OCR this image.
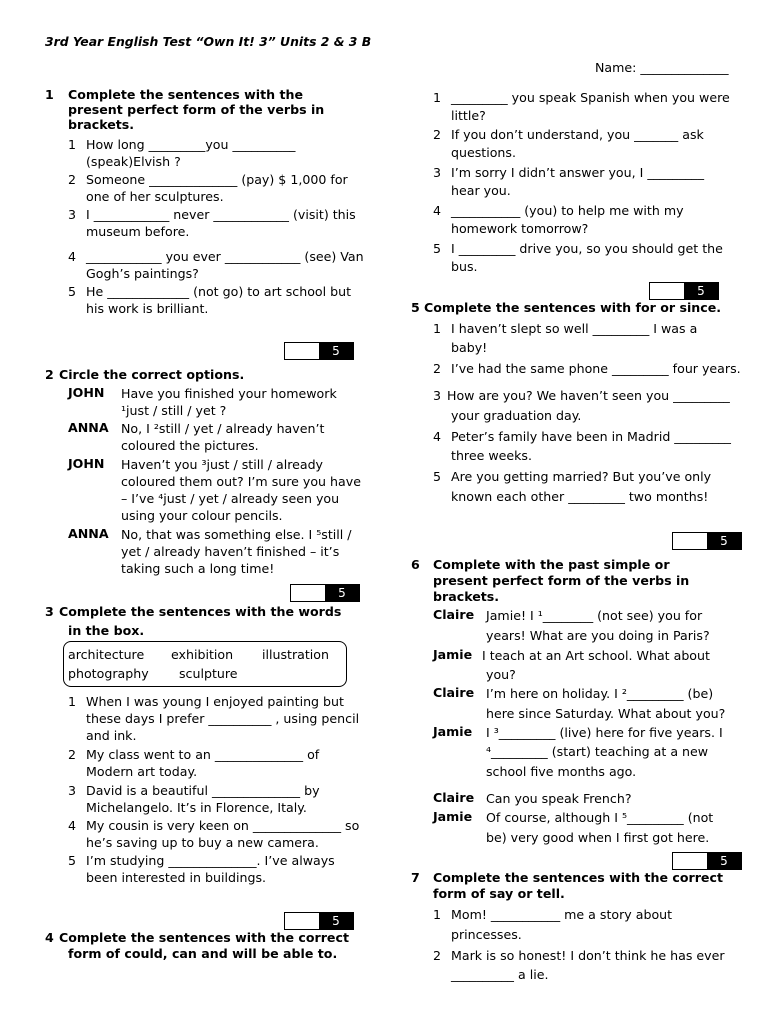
3rd Year English Test “Own It! 3” Units 2 & 3 B
Name: ______________
1 Complete the sentences with the
present perfect form of the verbs in
brackets.
1 How long _________you __________
(speak)Elvish ?
2 Someone ______________ (pay) $ 1,000 for
one of her sculptures.
3 I ____________ never ____________ (visit) this
museum before.
4 ____________ you ever ____________ (see) Van
Gogh’s paintings?
5 He _____________ (not go) to art school but
his work is brilliant.
5
2 Circle the correct options.
JOHN Have you finished your homework
¹just / still / yet ?
ANNA No, I ²still / yet / already haven’t
coloured the pictures.
JOHN Haven’t you ³just / still / already
coloured them out? I’m sure you have
– I’ve ⁴just / yet / already seen you
using your colour pencils.
ANNA No, that was something else. I ⁵still /
yet / already haven’t finished – it’s
taking such a long time!
5
3 Complete the sentences with the words
in the box.
architecture exhibition illustration
photography sculpture
1 When I was young I enjoyed painting but
these days I prefer __________ , using pencil
and ink.
2 My class went to an ______________ of
Modern art today.
3 David is a beautiful ______________ by
Michelangelo. It’s in Florence, Italy.
4 My cousin is very keen on ______________ so
he’s saving up to buy a new camera.
5 I’m studying ______________. I’ve always
been interested in buildings.
5
4 Complete the sentences with the correct
form of could, can and will be able to.
1 _________ you speak Spanish when you were
little?
2 If you don’t understand, you _______ ask
questions.
3 I’m sorry I didn’t answer you, I _________
hear you.
4 ___________ (you) to help me with my
homework tomorrow?
5 I _________ drive you, so you should get the
bus.
5
5 Complete the sentences with for or since.
1 I haven’t slept so well _________ I was a
baby!
2 I’ve had the same phone _________ four years.
3 How are you? We haven’t seen you _________
your graduation day.
4 Peter’s family have been in Madrid _________
three weeks.
5 Are you getting married? But you’ve only
known each other _________ two months!
5
6 Complete with the past simple or
present perfect form of the verbs in
brackets.
Claire Jamie! I ¹________ (not see) you for
years! What are you doing in Paris?
Jamie I teach at an Art school. What about
you?
Claire I’m here on holiday. I ²_________ (be)
here since Saturday. What about you?
Jamie I ³_________ (live) here for five years. I
⁴_________ (start) teaching at a new
school five months ago.
Claire Can you speak French?
Jamie Of course, although I ⁵_________ (not
be) very good when I first got here.
5
7 Complete the sentences with the correct
form of say or tell.
1 Mom! ___________ me a story about
princesses.
2 Mark is so honest! I don’t think he has ever
__________ a lie.
